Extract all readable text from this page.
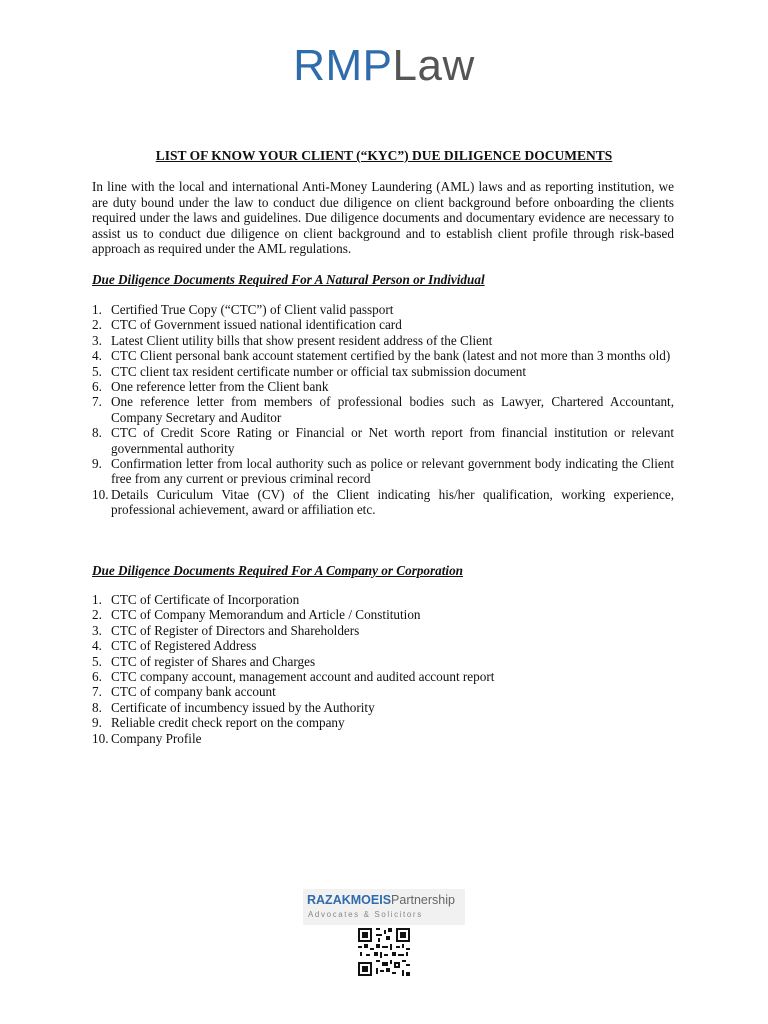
RMPLaw
LIST OF KNOW YOUR CLIENT (“KYC”) DUE DILIGENCE DOCUMENTS
In line with the local and international Anti-Money Laundering (AML) laws and as reporting institution, we are duty bound under the law to conduct due diligence on client background before onboarding the clients required under the laws and guidelines. Due diligence documents and documentary evidence are necessary to assist us to conduct due diligence on client background and to establish client profile through risk-based approach as required under the AML regulations.
Due Diligence Documents Required For A Natural Person or Individual
1. Certified True Copy (“CTC”) of Client valid passport
2. CTC of Government issued national identification card
3. Latest Client utility bills that show present resident address of the Client
4. CTC Client personal bank account statement certified by the bank (latest and not more than 3 months old)
5. CTC client tax resident certificate number or official tax submission document
6. One reference letter from the Client bank
7. One reference letter from members of professional bodies such as Lawyer, Chartered Accountant, Company Secretary and Auditor
8. CTC of Credit Score Rating or Financial or Net worth report from financial institution or relevant governmental authority
9. Confirmation letter from local authority such as police or relevant government body indicating the Client free from any current or previous criminal record
10. Details Curiculum Vitae (CV) of the Client indicating his/her qualification, working experience, professional achievement, award or affiliation etc.
Due Diligence Documents Required For A Company or Corporation
1. CTC of Certificate of Incorporation
2. CTC of Company Memorandum and Article / Constitution
3. CTC of Register of Directors and Shareholders
4. CTC of Registered Address
5. CTC of register of Shares and Charges
6. CTC company account, management account and audited account report
7. CTC of company bank account
8. Certificate of incumbency issued by the Authority
9. Reliable credit check report on the company
10. Company Profile
RAZAKMOEISPartnership
Advocates & Solicitors
